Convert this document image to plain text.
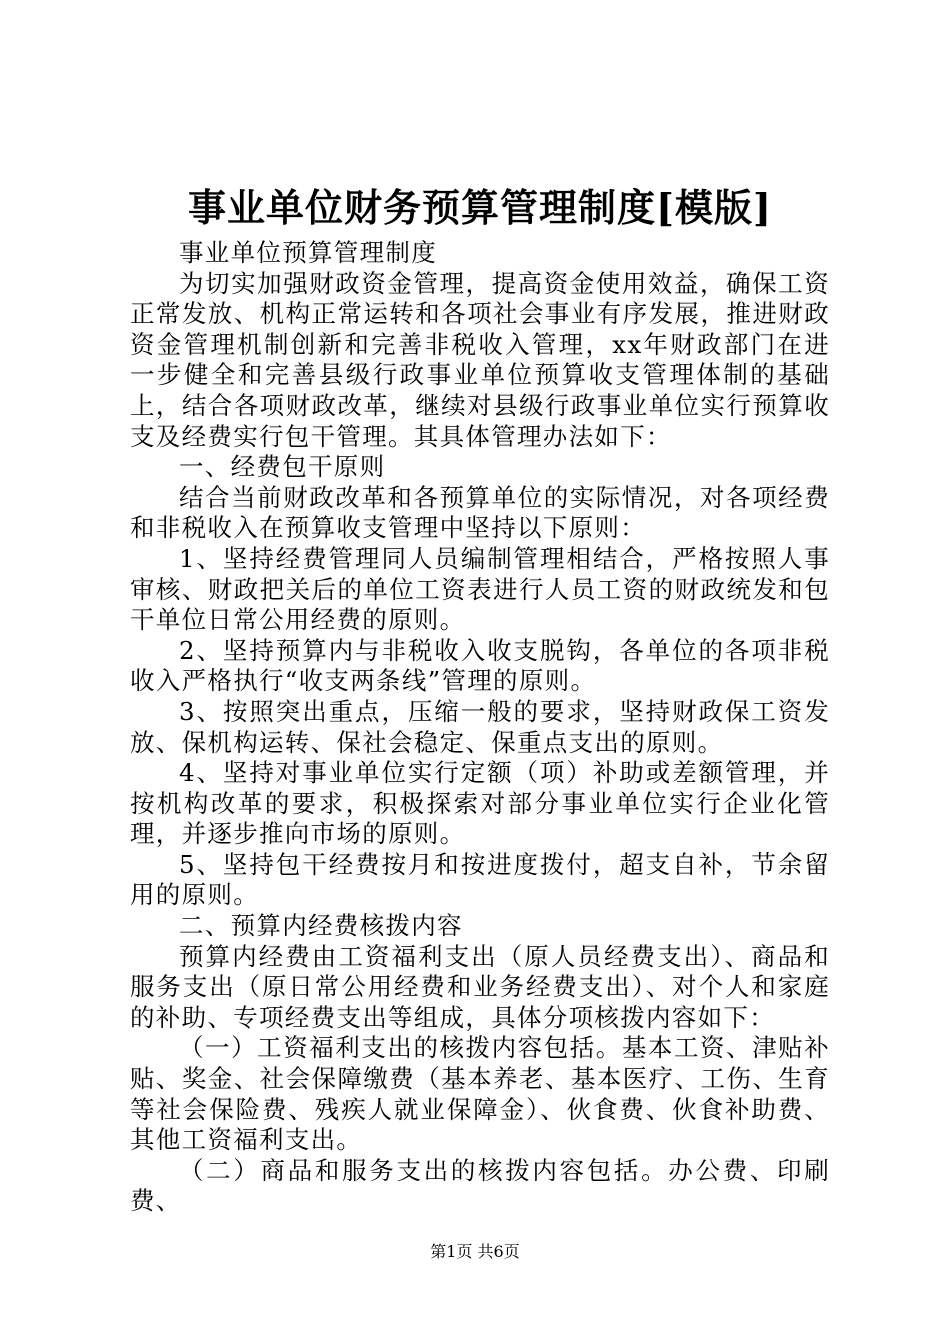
事业单位财务预算管理制度[模版]

事业单位预算管理制度

为切实加强财政资金管理，提高资金使用效益，确保工资正常发放、机构正常运转和各项社会事业有序发展，推进财政资金管理机制创新和完善非税收入管理，xx年财政部门在进一步健全和完善县级行政事业单位预算收支管理体制的基础上，结合各项财政改革，继续对县级行政事业单位实行预算收支及经费实行包干管理。其具体管理办法如下：

一、经费包干原则

结合当前财政改革和各预算单位的实际情况，对各项经费和非税收入在预算收支管理中坚持以下原则：

1、坚持经费管理同人员编制管理相结合，严格按照人事审核、财政把关后的单位工资表进行人员工资的财政统发和包干单位日常公用经费的原则。

2、坚持预算内与非税收入收支脱钩，各单位的各项非税收入严格执行“收支两条线”管理的原则。

3、按照突出重点，压缩一般的要求，坚持财政保工资发放、保机构运转、保社会稳定、保重点支出的原则。

4、坚持对事业单位实行定额（项）补助或差额管理，并按机构改革的要求，积极探索对部分事业单位实行企业化管理，并逐步推向市场的原则。

5、坚持包干经费按月和按进度拨付，超支自补，节余留用的原则。

二、预算内经费核拨内容

预算内经费由工资福利支出（原人员经费支出）、商品和服务支出（原日常公用经费和业务经费支出）、对个人和家庭的补助、专项经费支出等组成，具体分项核拨内容如下：

（一）工资福利支出的核拨内容包括。基本工资、津贴补贴、奖金、社会保障缴费（基本养老、基本医疗、工伤、生育等社会保险费、残疾人就业保障金）、伙食费、伙食补助费、其他工资福利支出。

（二）商品和服务支出的核拨内容包括。办公费、印刷费、

第1页 共6页
